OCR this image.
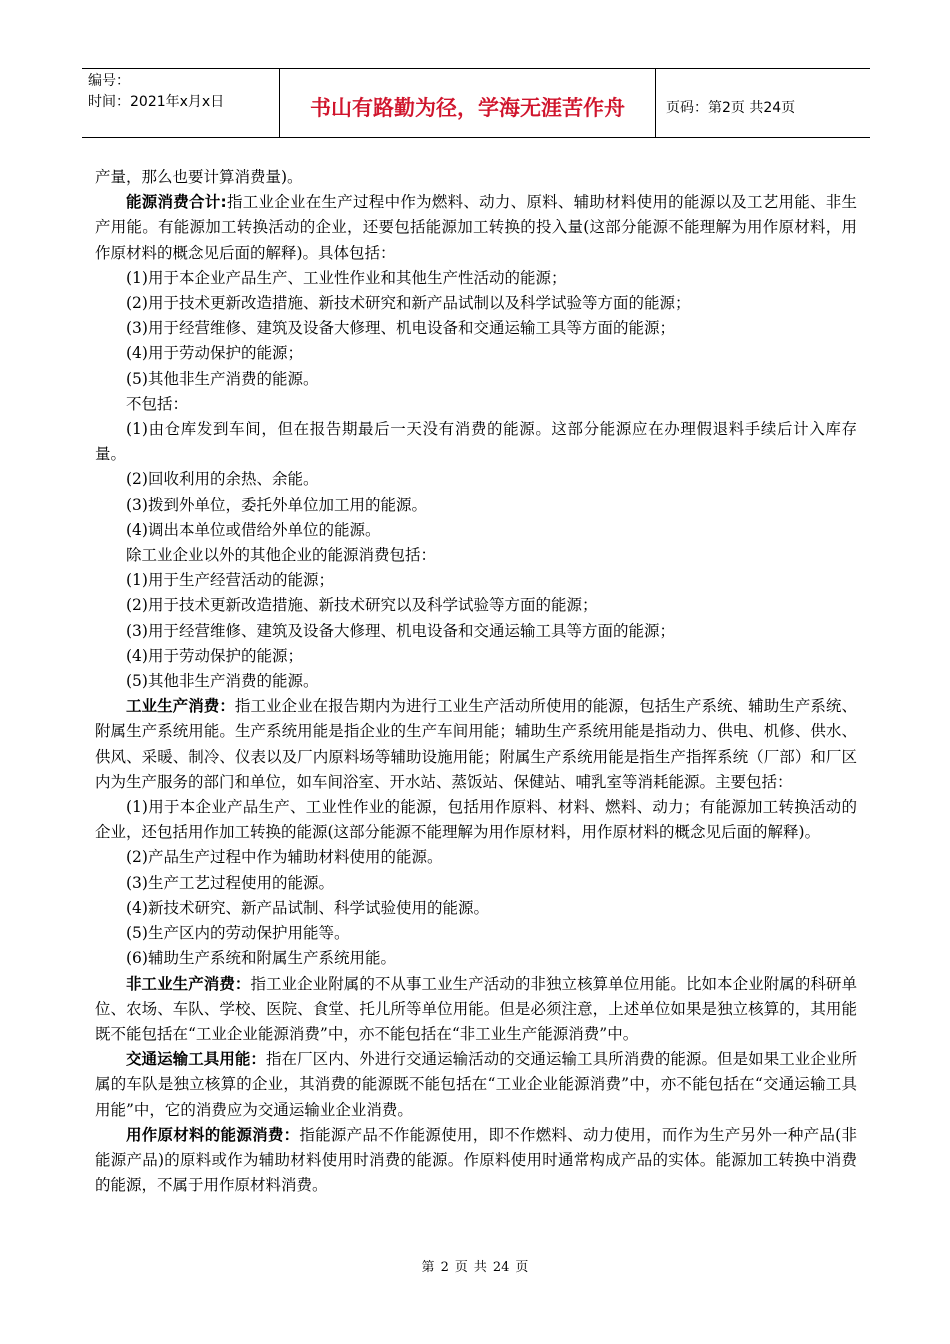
编号：
时间：2021年x月x日	书山有路勤为径，学海无涯苦作舟	页码：第2页 共24页

产量，那么也要计算消费量)。

能源消费合计:指工业企业在生产过程中作为燃料、动力、原料、辅助材料使用的能源以及工艺用能、非生产用能。有能源加工转换活动的企业，还要包括能源加工转换的投入量(这部分能源不能理解为用作原材料，用作原材料的概念见后面的解释)。具体包括：

(1)用于本企业产品生产、工业性作业和其他生产性活动的能源；

(2)用于技术更新改造措施、新技术研究和新产品试制以及科学试验等方面的能源；

(3)用于经营维修、建筑及设备大修理、机电设备和交通运输工具等方面的能源；

(4)用于劳动保护的能源；

(5)其他非生产消费的能源。

不包括：

(1)由仓库发到车间，但在报告期最后一天没有消费的能源。这部分能源应在办理假退料手续后计入库存量。

(2)回收利用的余热、余能。

(3)拨到外单位，委托外单位加工用的能源。

(4)调出本单位或借给外单位的能源。

除工业企业以外的其他企业的能源消费包括：

(1)用于生产经营活动的能源；

(2)用于技术更新改造措施、新技术研究以及科学试验等方面的能源；

(3)用于经营维修、建筑及设备大修理、机电设备和交通运输工具等方面的能源；

(4)用于劳动保护的能源；

(5)其他非生产消费的能源。

工业生产消费：指工业企业在报告期内为进行工业生产活动所使用的能源，包括生产系统、辅助生产系统、附属生产系统用能。生产系统用能是指企业的生产车间用能；辅助生产系统用能是指动力、供电、机修、供水、供风、采暖、制冷、仪表以及厂内原料场等辅助设施用能；附属生产系统用能是指生产指挥系统（厂部）和厂区内为生产服务的部门和单位，如车间浴室、开水站、蒸饭站、保健站、哺乳室等消耗能源。主要包括：

(1)用于本企业产品生产、工业性作业的能源，包括用作原料、材料、燃料、动力；有能源加工转换活动的企业，还包括用作加工转换的能源(这部分能源不能理解为用作原材料，用作原材料的概念见后面的解释)。

(2)产品生产过程中作为辅助材料使用的能源。

(3)生产工艺过程使用的能源。

(4)新技术研究、新产品试制、科学试验使用的能源。

(5)生产区内的劳动保护用能等。

(6)辅助生产系统和附属生产系统用能。

非工业生产消费：指工业企业附属的不从事工业生产活动的非独立核算单位用能。比如本企业附属的科研单位、农场、车队、学校、医院、食堂、托儿所等单位用能。但是必须注意，上述单位如果是独立核算的，其用能既不能包括在“工业企业能源消费”中，亦不能包括在“非工业生产能源消费”中。

交通运输工具用能：指在厂区内、外进行交通运输活动的交通运输工具所消费的能源。但是如果工业企业所属的车队是独立核算的企业，其消费的能源既不能包括在“工业企业能源消费”中，亦不能包括在“交通运输工具用能”中，它的消费应为交通运输业企业消费。

用作原材料的能源消费：指能源产品不作能源使用，即不作燃料、动力使用，而作为生产另外一种产品(非能源产品)的原料或作为辅助材料使用时消费的能源。作原料使用时通常构成产品的实体。能源加工转换中消费的能源，不属于用作原材料消费。

第 2 页 共 24 页
